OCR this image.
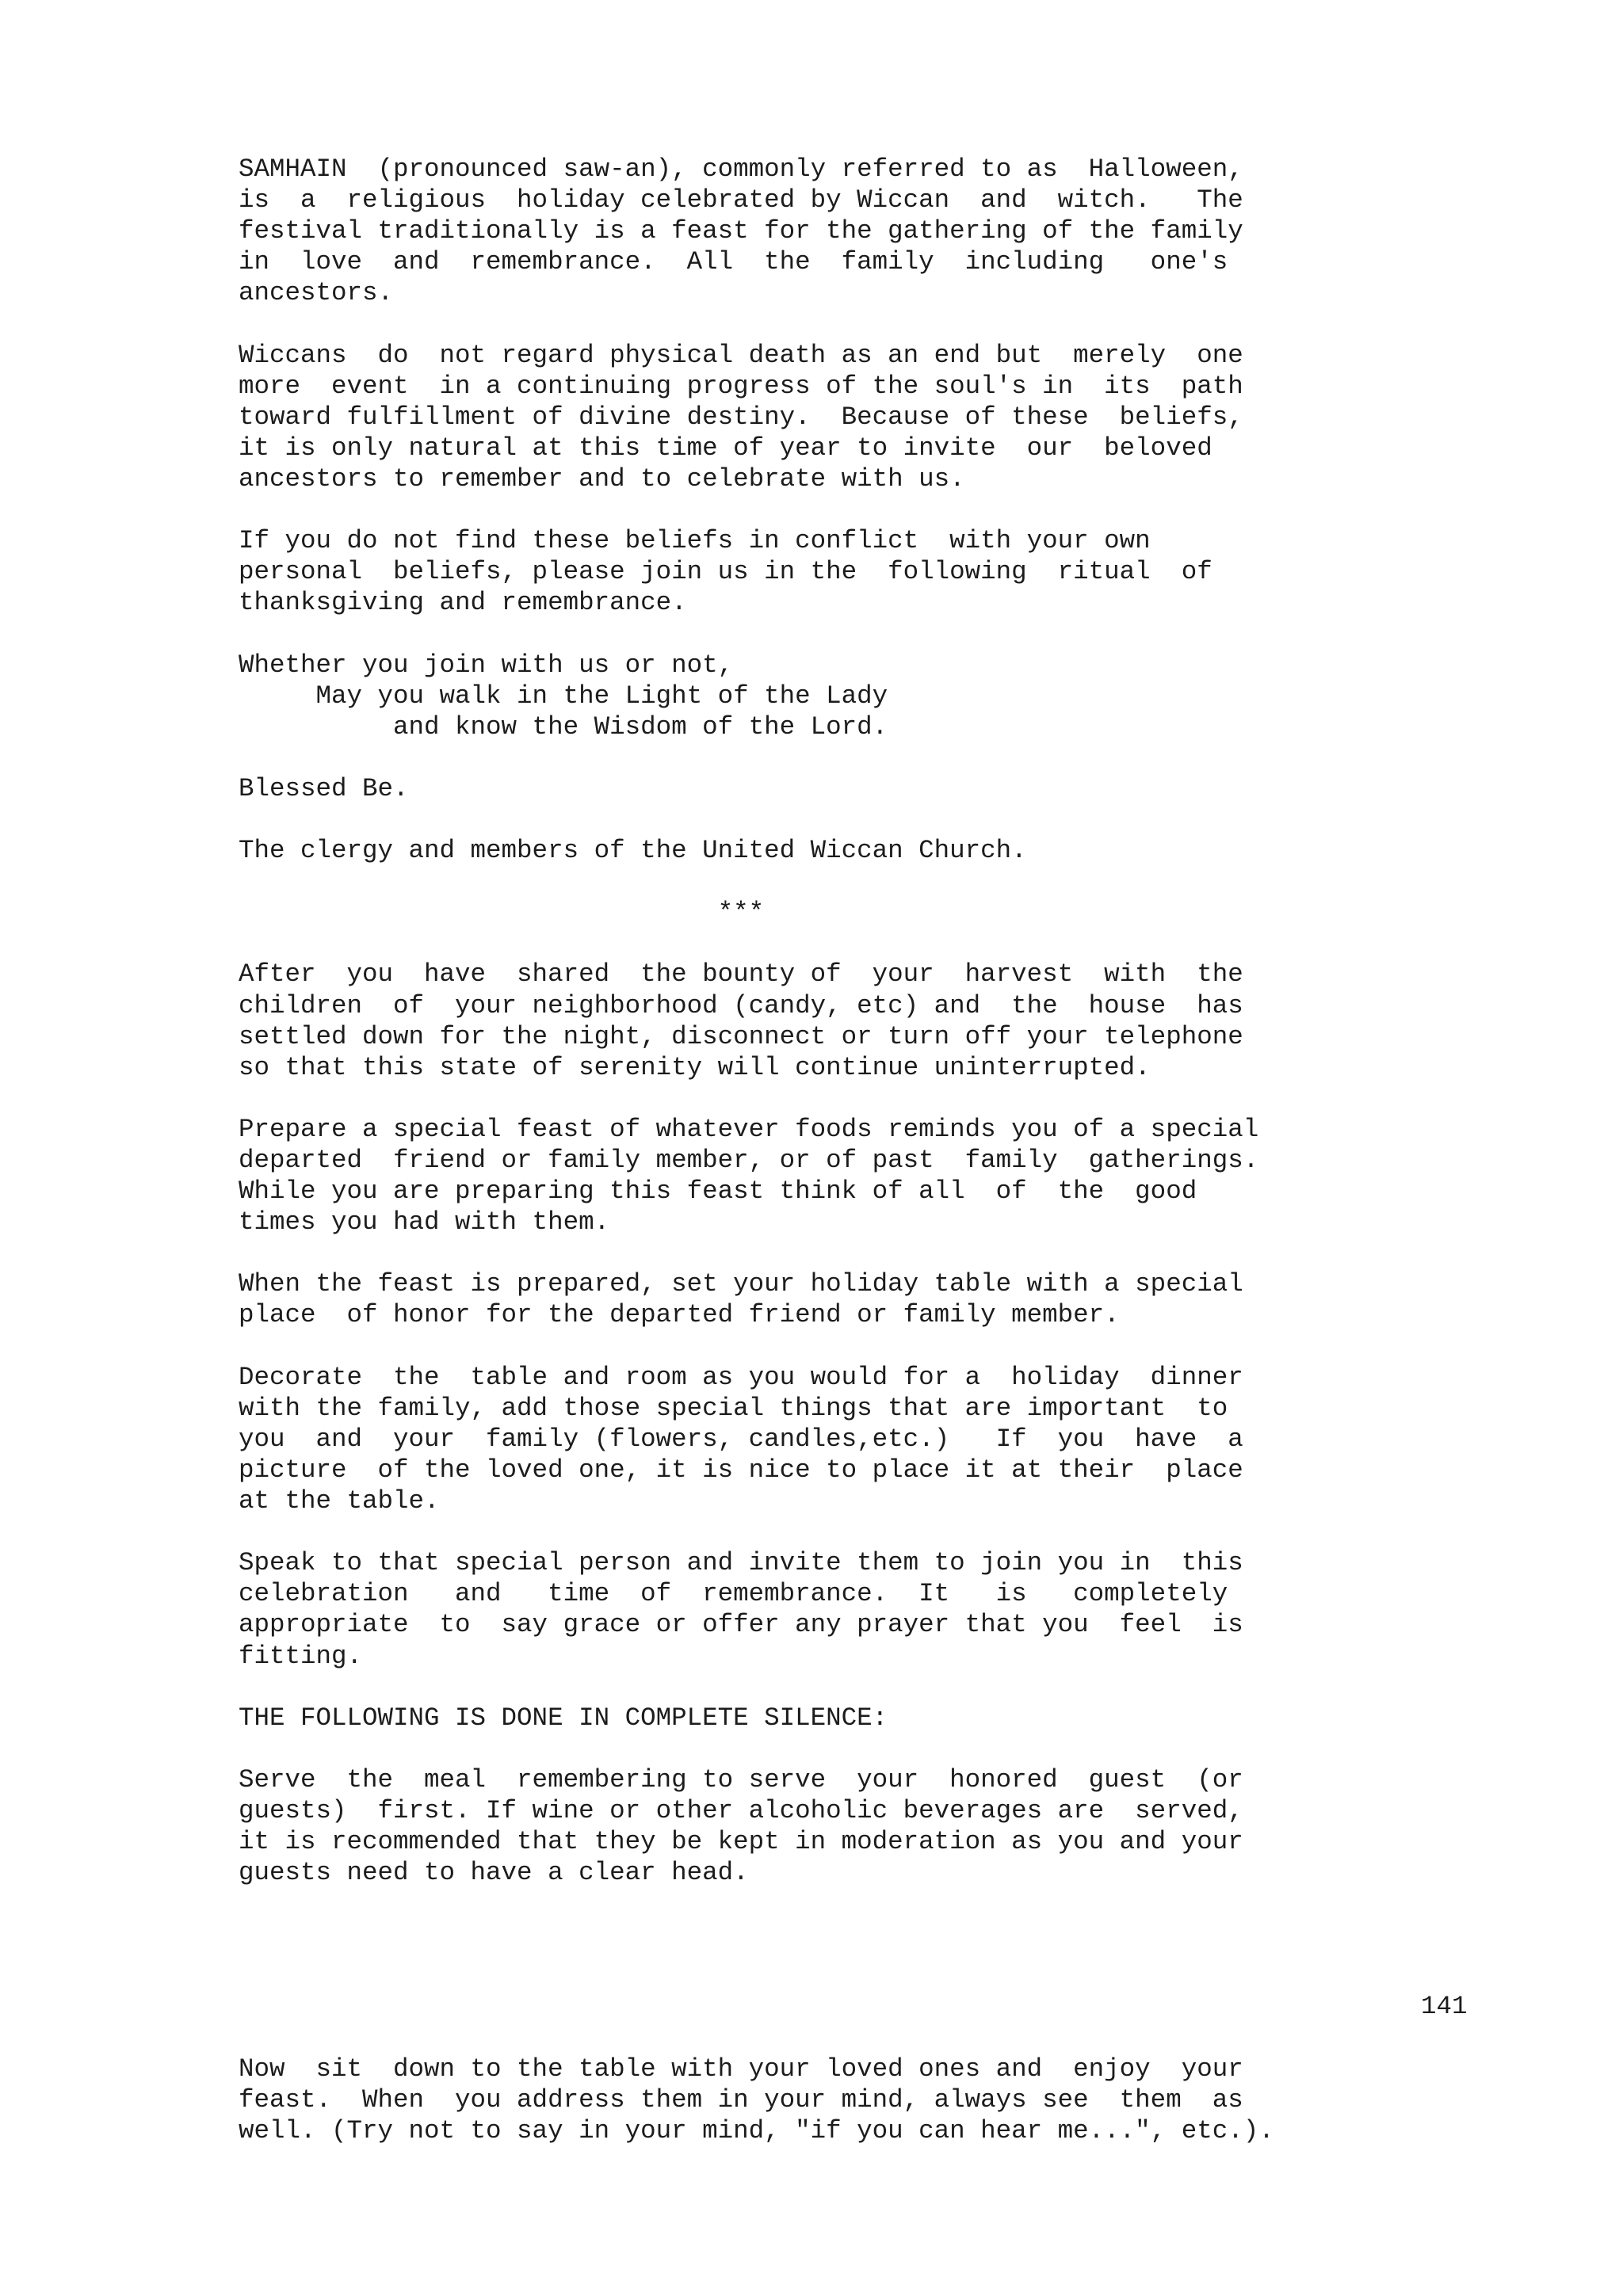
SAMHAIN  (pronounced saw-an), commonly referred to as  Halloween,
is  a  religious  holiday celebrated by Wiccan  and  witch.   The
festival traditionally is a feast for the gathering of the family
in  love  and  remembrance.  All  the  family  including   one's
ancestors.

Wiccans  do  not regard physical death as an end but  merely  one
more  event  in a continuing progress of the soul's in  its  path
toward fulfillment of divine destiny.  Because of these  beliefs,
it is only natural at this time of year to invite  our  beloved
ancestors to remember and to celebrate with us.

If you do not find these beliefs in conflict  with your own
personal  beliefs, please join us in the  following  ritual  of
thanksgiving and remembrance.

Whether you join with us or not,
May you walk in the Light of the Lady
and know the Wisdom of the Lord.

Blessed Be.

The clergy and members of the United Wiccan Church.

***

After  you  have  shared  the bounty of  your  harvest  with  the
children  of  your neighborhood (candy, etc) and  the  house  has
settled down for the night, disconnect or turn off your telephone
so that this state of serenity will continue uninterrupted.

Prepare a special feast of whatever foods reminds you of a special
departed  friend or family member, or of past  family  gatherings.
While you are preparing this feast think of all  of  the  good
times you had with them.

When the feast is prepared, set your holiday table with a special
place  of honor for the departed friend or family member.

Decorate  the  table and room as you would for a  holiday  dinner
with the family, add those special things that are important  to
you  and  your  family (flowers, candles,etc.)   If  you  have  a
picture  of the loved one, it is nice to place it at their  place
at the table.

Speak to that special person and invite them to join you in  this
celebration   and   time  of  remembrance.  It   is   completely
appropriate  to  say grace or offer any prayer that you  feel  is
fitting.

THE FOLLOWING IS DONE IN COMPLETE SILENCE:

Serve  the  meal  remembering to serve  your  honored  guest  (or
guests)  first. If wine or other alcoholic beverages are  served,
it is recommended that they be kept in moderation as you and your
guests need to have a clear head.

141

Now  sit  down to the table with your loved ones and  enjoy  your
feast.  When  you address them in your mind, always see  them  as
well. (Try not to say in your mind, "if you can hear me...", etc.).
